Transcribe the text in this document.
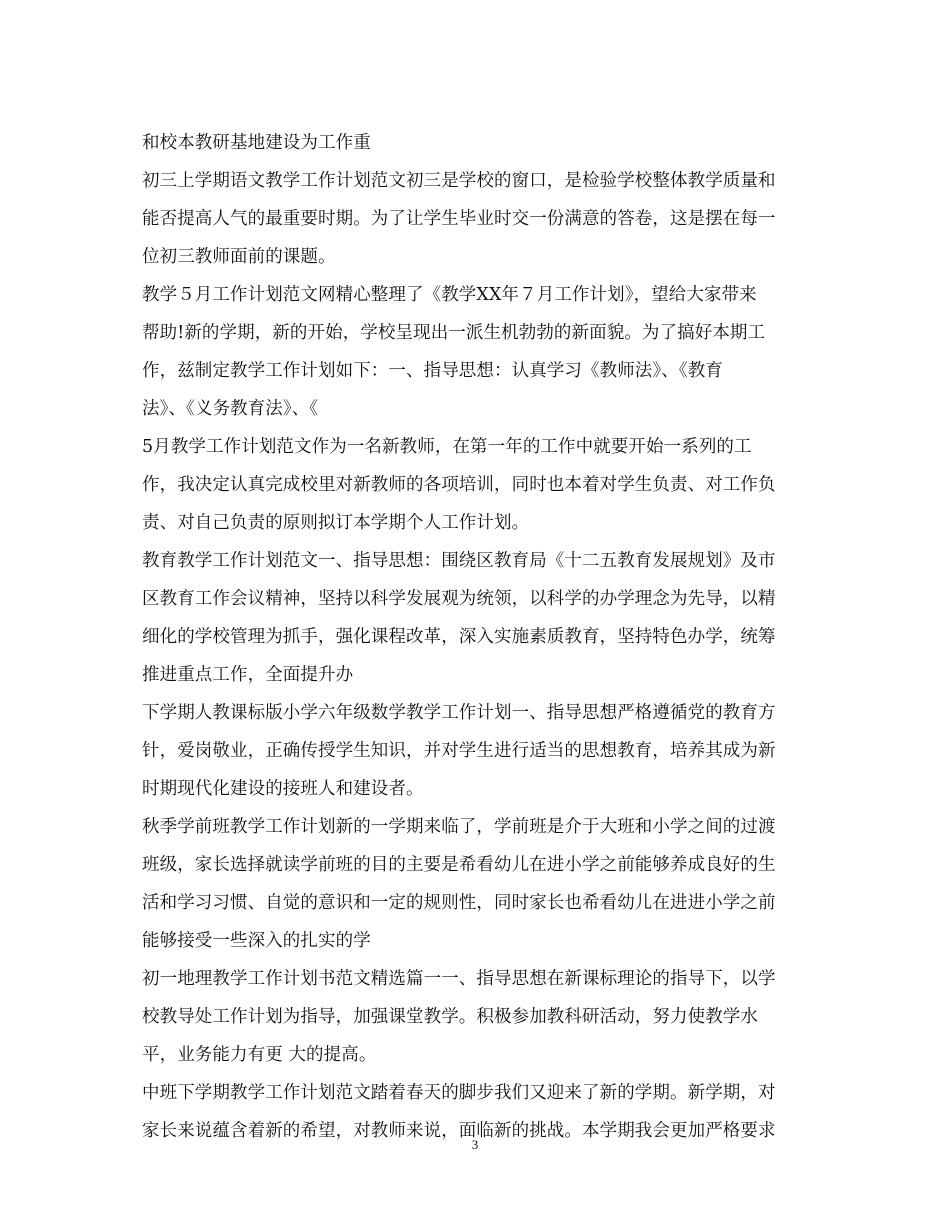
和校本教研基地建设为工作重
初三上学期语文教学工作计划范文初三是学校的窗口，是检验学校整体教学质量和
能否提高人气的最重要时期。为了让学生毕业时交一份满意的答卷，这是摆在每一
位初三教师面前的课题。
教学５月工作计划范文网精心整理了《教学XX年７月工作计划》，望给大家带来
帮助!新的学期，新的开始，学校呈现出一派生机勃勃的新面貌。为了搞好本期工
作，兹制定教学工作计划如下：一、指导思想：认真学习《教师法》、《教育
法》、《义务教育法》、《
5月教学工作计划范文作为一名新教师，在第一年的工作中就要开始一系列的工
作，我决定认真完成校里对新教师的各项培训，同时也本着对学生负责、对工作负
责、对自己负责的原则拟订本学期个人工作计划。
教育教学工作计划范文一、指导思想：围绕区教育局《十二五教育发展规划》及市
区教育工作会议精神，坚持以科学发展观为统领，以科学的办学理念为先导，以精
细化的学校管理为抓手，强化课程改革，深入实施素质教育，坚持特色办学，统筹
推进重点工作，全面提升办
下学期人教课标版小学六年级数学教学工作计划一、指导思想严格遵循党的教育方
针，爱岗敬业，正确传授学生知识，并对学生进行适当的思想教育，培养其成为新
时期现代化建设的接班人和建设者。
秋季学前班教学工作计划新的一学期来临了，学前班是介于大班和小学之间的过渡
班级，家长选择就读学前班的目的主要是希看幼儿在进小学之前能够养成良好的生
活和学习习惯、自觉的意识和一定的规则性，同时家长也希看幼儿在进进小学之前
能够接受一些深入的扎实的学
初一地理教学工作计划书范文精选篇一一、指导思想在新课标理论的指导下，以学
校教导处工作计划为指导，加强课堂教学。积极参加教科研活动，努力使教学水
平，业务能力有更 大的提高。
中班下学期教学工作计划范文踏着春天的脚步我们又迎来了新的学期。新学期，对
家长来说蕴含着新的希望，对教师来说，面临新的挑战。本学期我会更加严格要求
3
